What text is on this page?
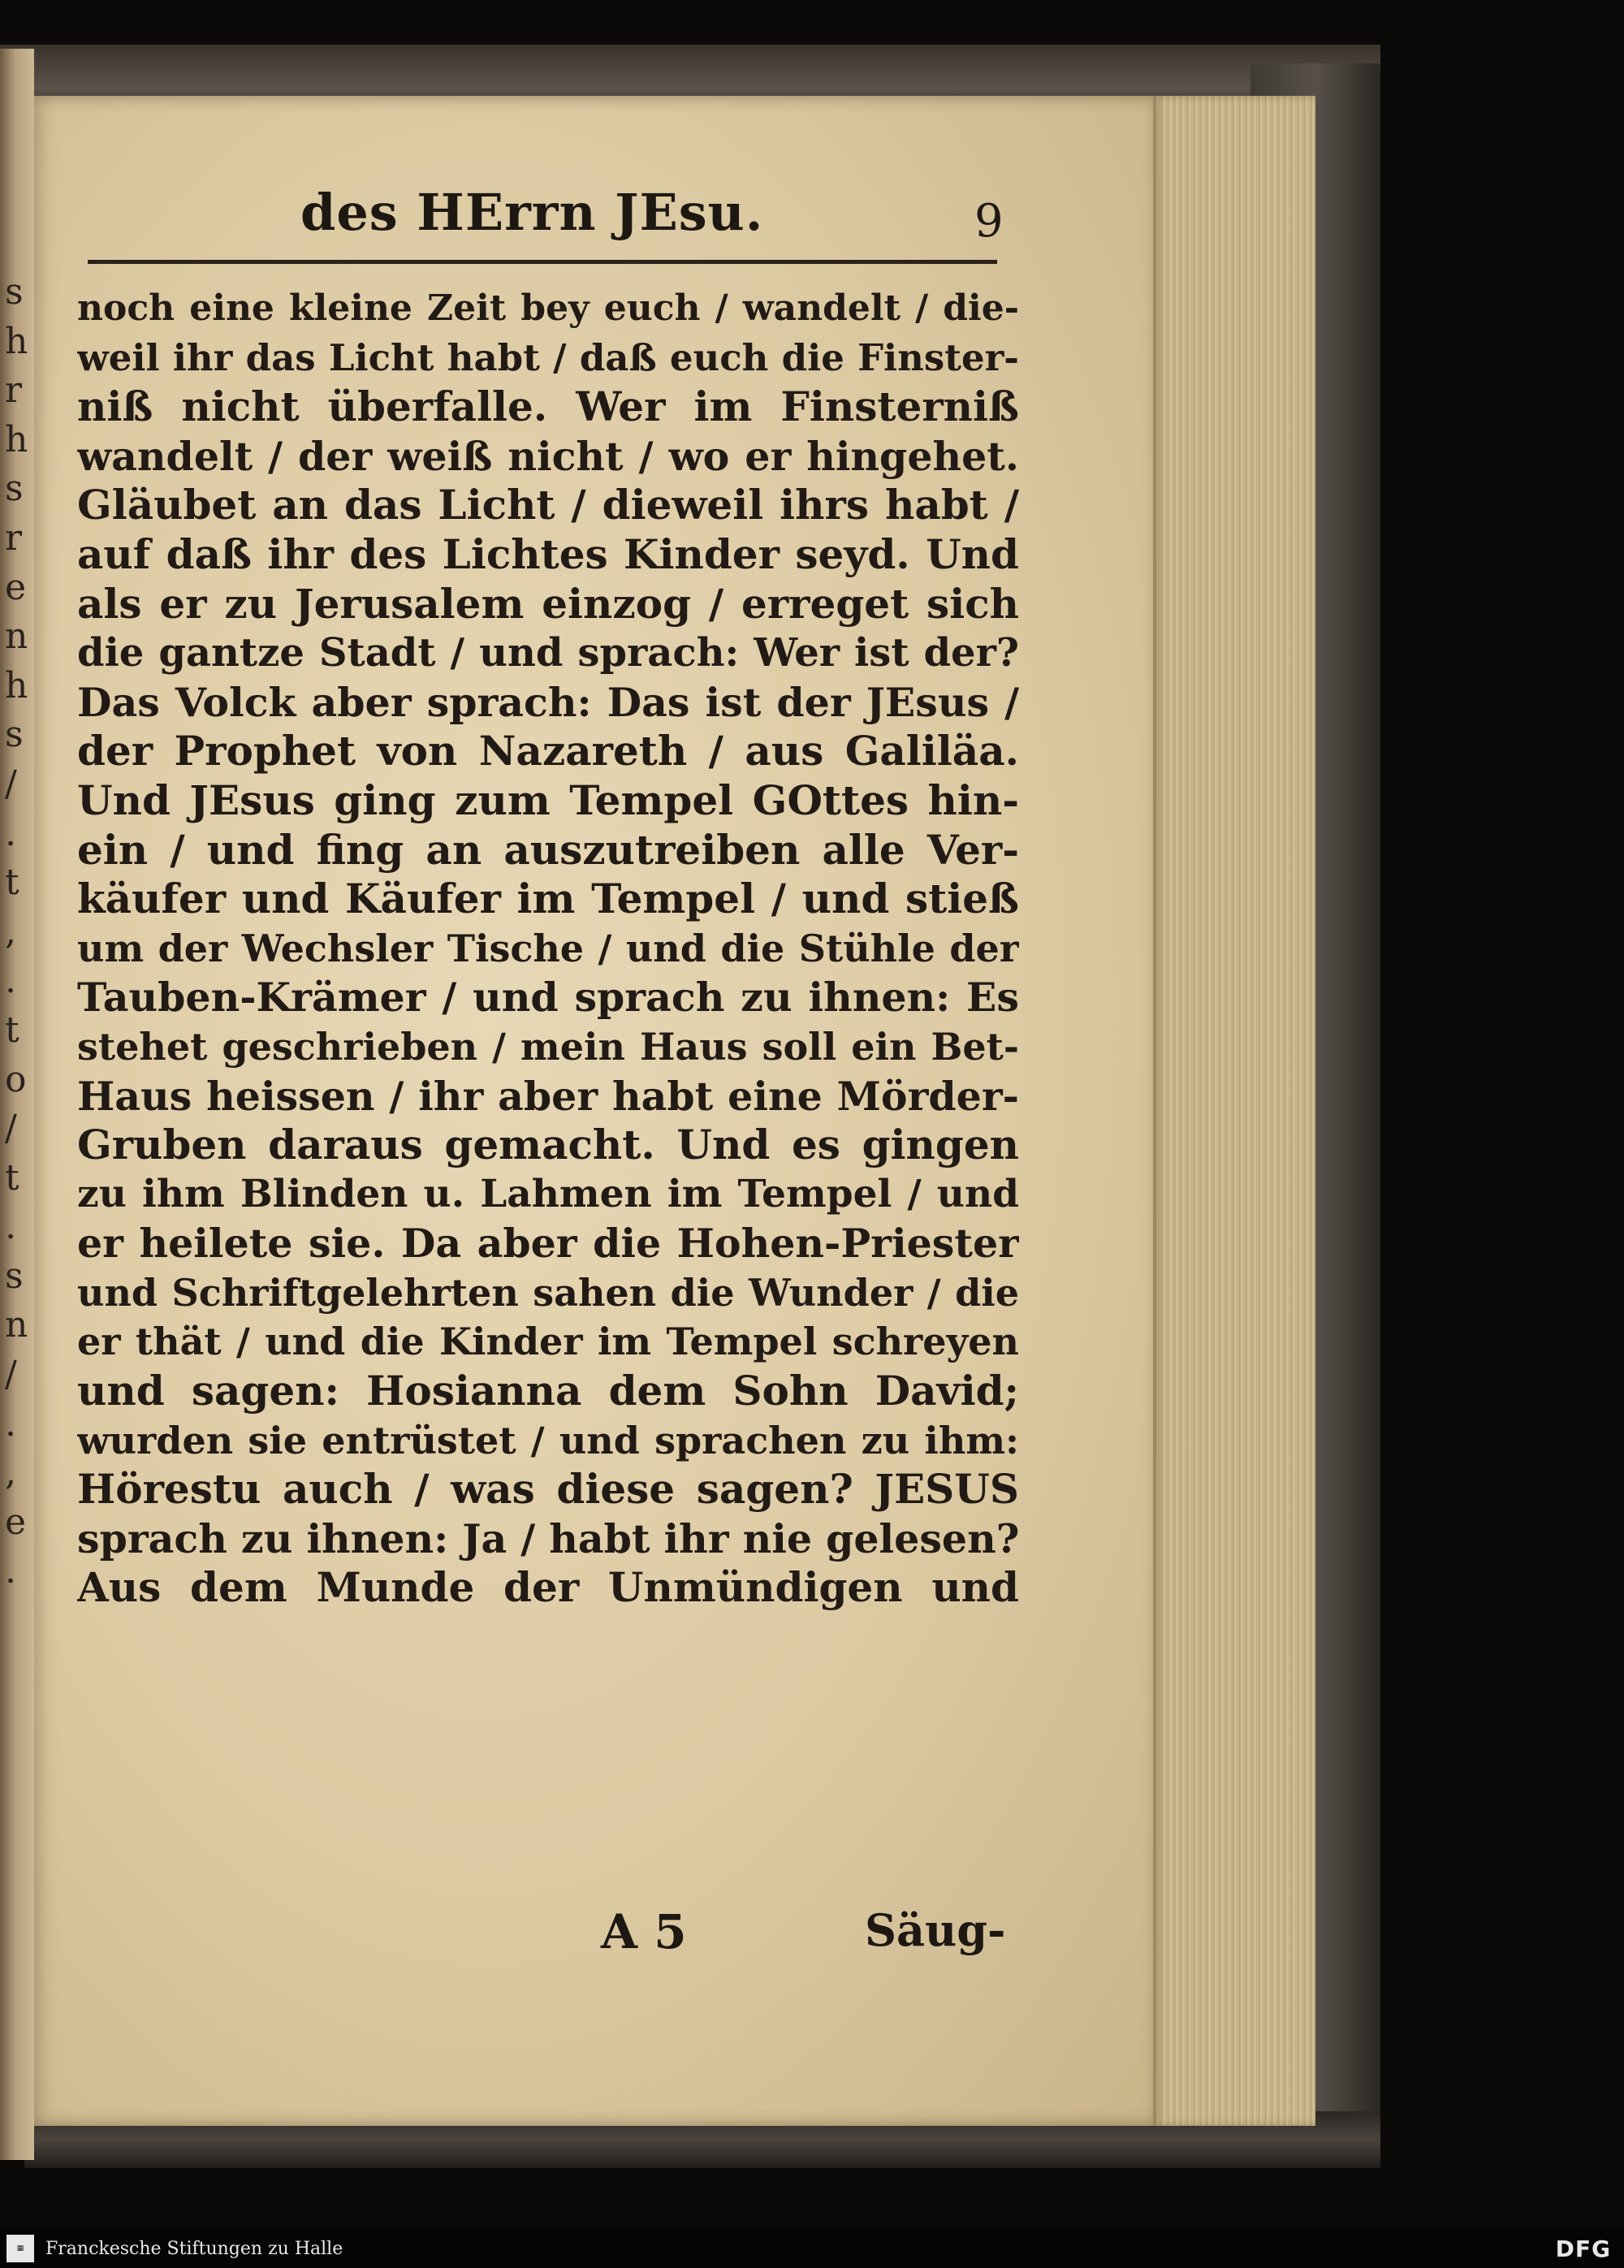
s
h
r
h
s
r
e
n
h
s
/
.
t
,
.
t
o
/
t
.
s
n
/
.
,
e
.
des HErrn JEsu.	9
noch eine kleine Zeit bey euch / wandelt / die-
weil ihr das Licht habt / daß euch die Finster-
niß nicht überfalle. Wer im Finsterniß
wandelt / der weiß nicht / wo er hingehet.
Gläubet an das Licht / dieweil ihrs habt /
auf daß ihr des Lichtes Kinder seyd. Und
als er zu Jerusalem einzog / erreget sich
die gantze Stadt / und sprach: Wer ist der?
Das Volck aber sprach: Das ist der JEsus /
der Prophet von Nazareth / aus Galiläa.
Und JEsus ging zum Tempel GOttes hin-
ein / und fing an auszutreiben alle Ver-
käufer und Käufer im Tempel / und stieß
um der Wechsler Tische / und die Stühle der
Tauben-Krämer / und sprach zu ihnen: Es
stehet geschrieben / mein Haus soll ein Bet-
Haus heissen / ihr aber habt eine Mörder-
Gruben daraus gemacht. Und es gingen
zu ihm Blinden u. Lahmen im Tempel / und
er heilete sie. Da aber die Hohen-Priester
und Schriftgelehrten sahen die Wunder / die
er thät / und die Kinder im Tempel schreyen
und sagen: Hosianna dem Sohn David;
wurden sie entrüstet / und sprachen zu ihm:
Hörestu auch / was diese sagen? JESUS
sprach zu ihnen: Ja / habt ihr nie gelesen?
Aus dem Munde der Unmündigen und
A 5	Säug-
▦	Franckesche Stiftungen zu Halle	DFG
